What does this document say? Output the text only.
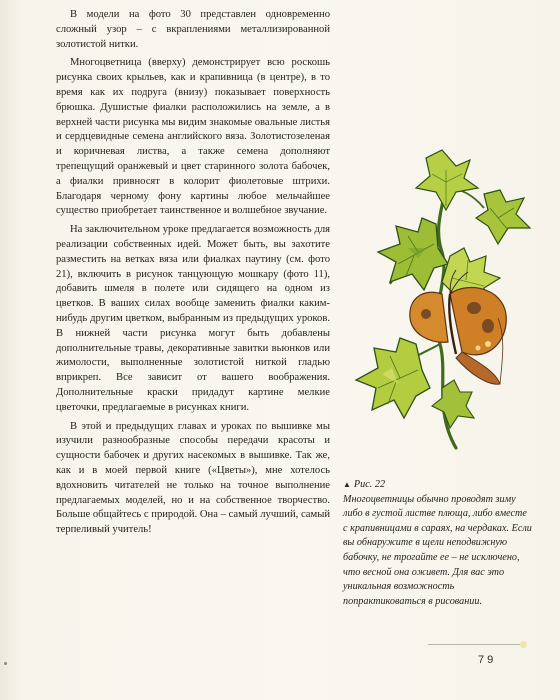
В модели на фото 30 представлен одновременно сложный узор – с вкраплениями металлизированной золотистой нитки.

Многоцветница (вверху) демонстрирует всю роскошь рисунка своих крыльев, как и крапивница (в центре), в то время как их подруга (внизу) показывает поверхность брюшка. Душистые фиалки расположились на земле, а в верхней части рисунка мы видим знакомые овальные листья и сердцевидные семена английского вяза. Золотистозеленая и коричневая листва, а также семена дополняют трепещущий оранжевый и цвет старинного золота бабочек, а фиалки привносят в колорит фиолетовые штрихи. Благодаря черному фону картины любое мельчайшее существо приобретает таинственное и волшебное звучание.

На заключительном уроке предлагается возможность для реализации собственных идей. Может быть, вы захотите разместить на ветках вяза или фиалках паутину (см. фото 21), включить в рисунок танцующую мошкару (фото 11), добавить шмеля в полете или сидящего на одном из цветков. В ваших силах вообще заменить фиалки каким-нибудь другим цветком, выбранным из предыдущих уроков. В нижней части рисунка могут быть добавлены дополнительные травы, декоративные завитки вьюнков или жимолости, выполненные золотистой ниткой гладью вприкреп. Все зависит от вашего воображения. Дополнительные краски придадут картине мелкие цветочки, предлагаемые в рисунках книги.

В этой и предыдущих главах и уроках по вышивке мы изучили разнообразные способы передачи красоты и сущности бабочек и других насекомых в вышивке. Так же, как и в моей первой книге («Цветы»), мне хотелось вдохновить читателей не только на точное выполнение предлагаемых моделей, но и на собственное творчество. Больше общайтесь с природой. Она – самый лучший, самый терпеливый учитель!

▲ Рис. 22
Многоцветницы обычно проводят зиму либо в густой листве плюща, либо вместе с крапивницами в сараях, на чердаках. Если вы обнаружите в щели неподвижную бабочку, не трогайте ее – не исключено, что весной она оживет. Для вас это уникальная возможность попрактиковаться в рисовании.
79
